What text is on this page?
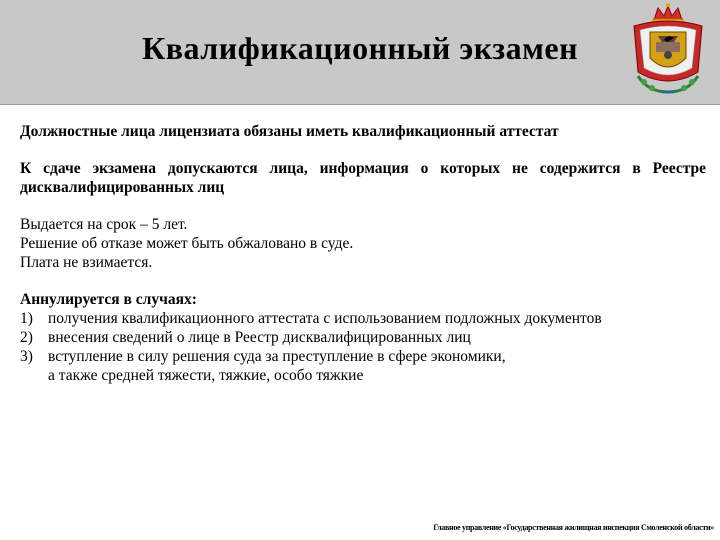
Квалификационный экзамен
Должностные лица лицензиата обязаны иметь квалификационный аттестат
К сдаче экзамена допускаются лица, информация о которых не содержится в Реестре дисквалифицированных лиц
Выдается на срок – 5 лет.
Решение об отказе может быть обжаловано в суде.
Плата не взимается.
Аннулируется в случаях:
1) получения квалификационного аттестата с использованием подложных документов
2) внесения сведений о лице в Реестр дисквалифицированных лиц
3) вступление в силу решения суда за преступление в сфере экономики,
а также средней тяжести, тяжкие, особо тяжкие
Главное управление «Государственная жилищная инспекция Смоленской области»
